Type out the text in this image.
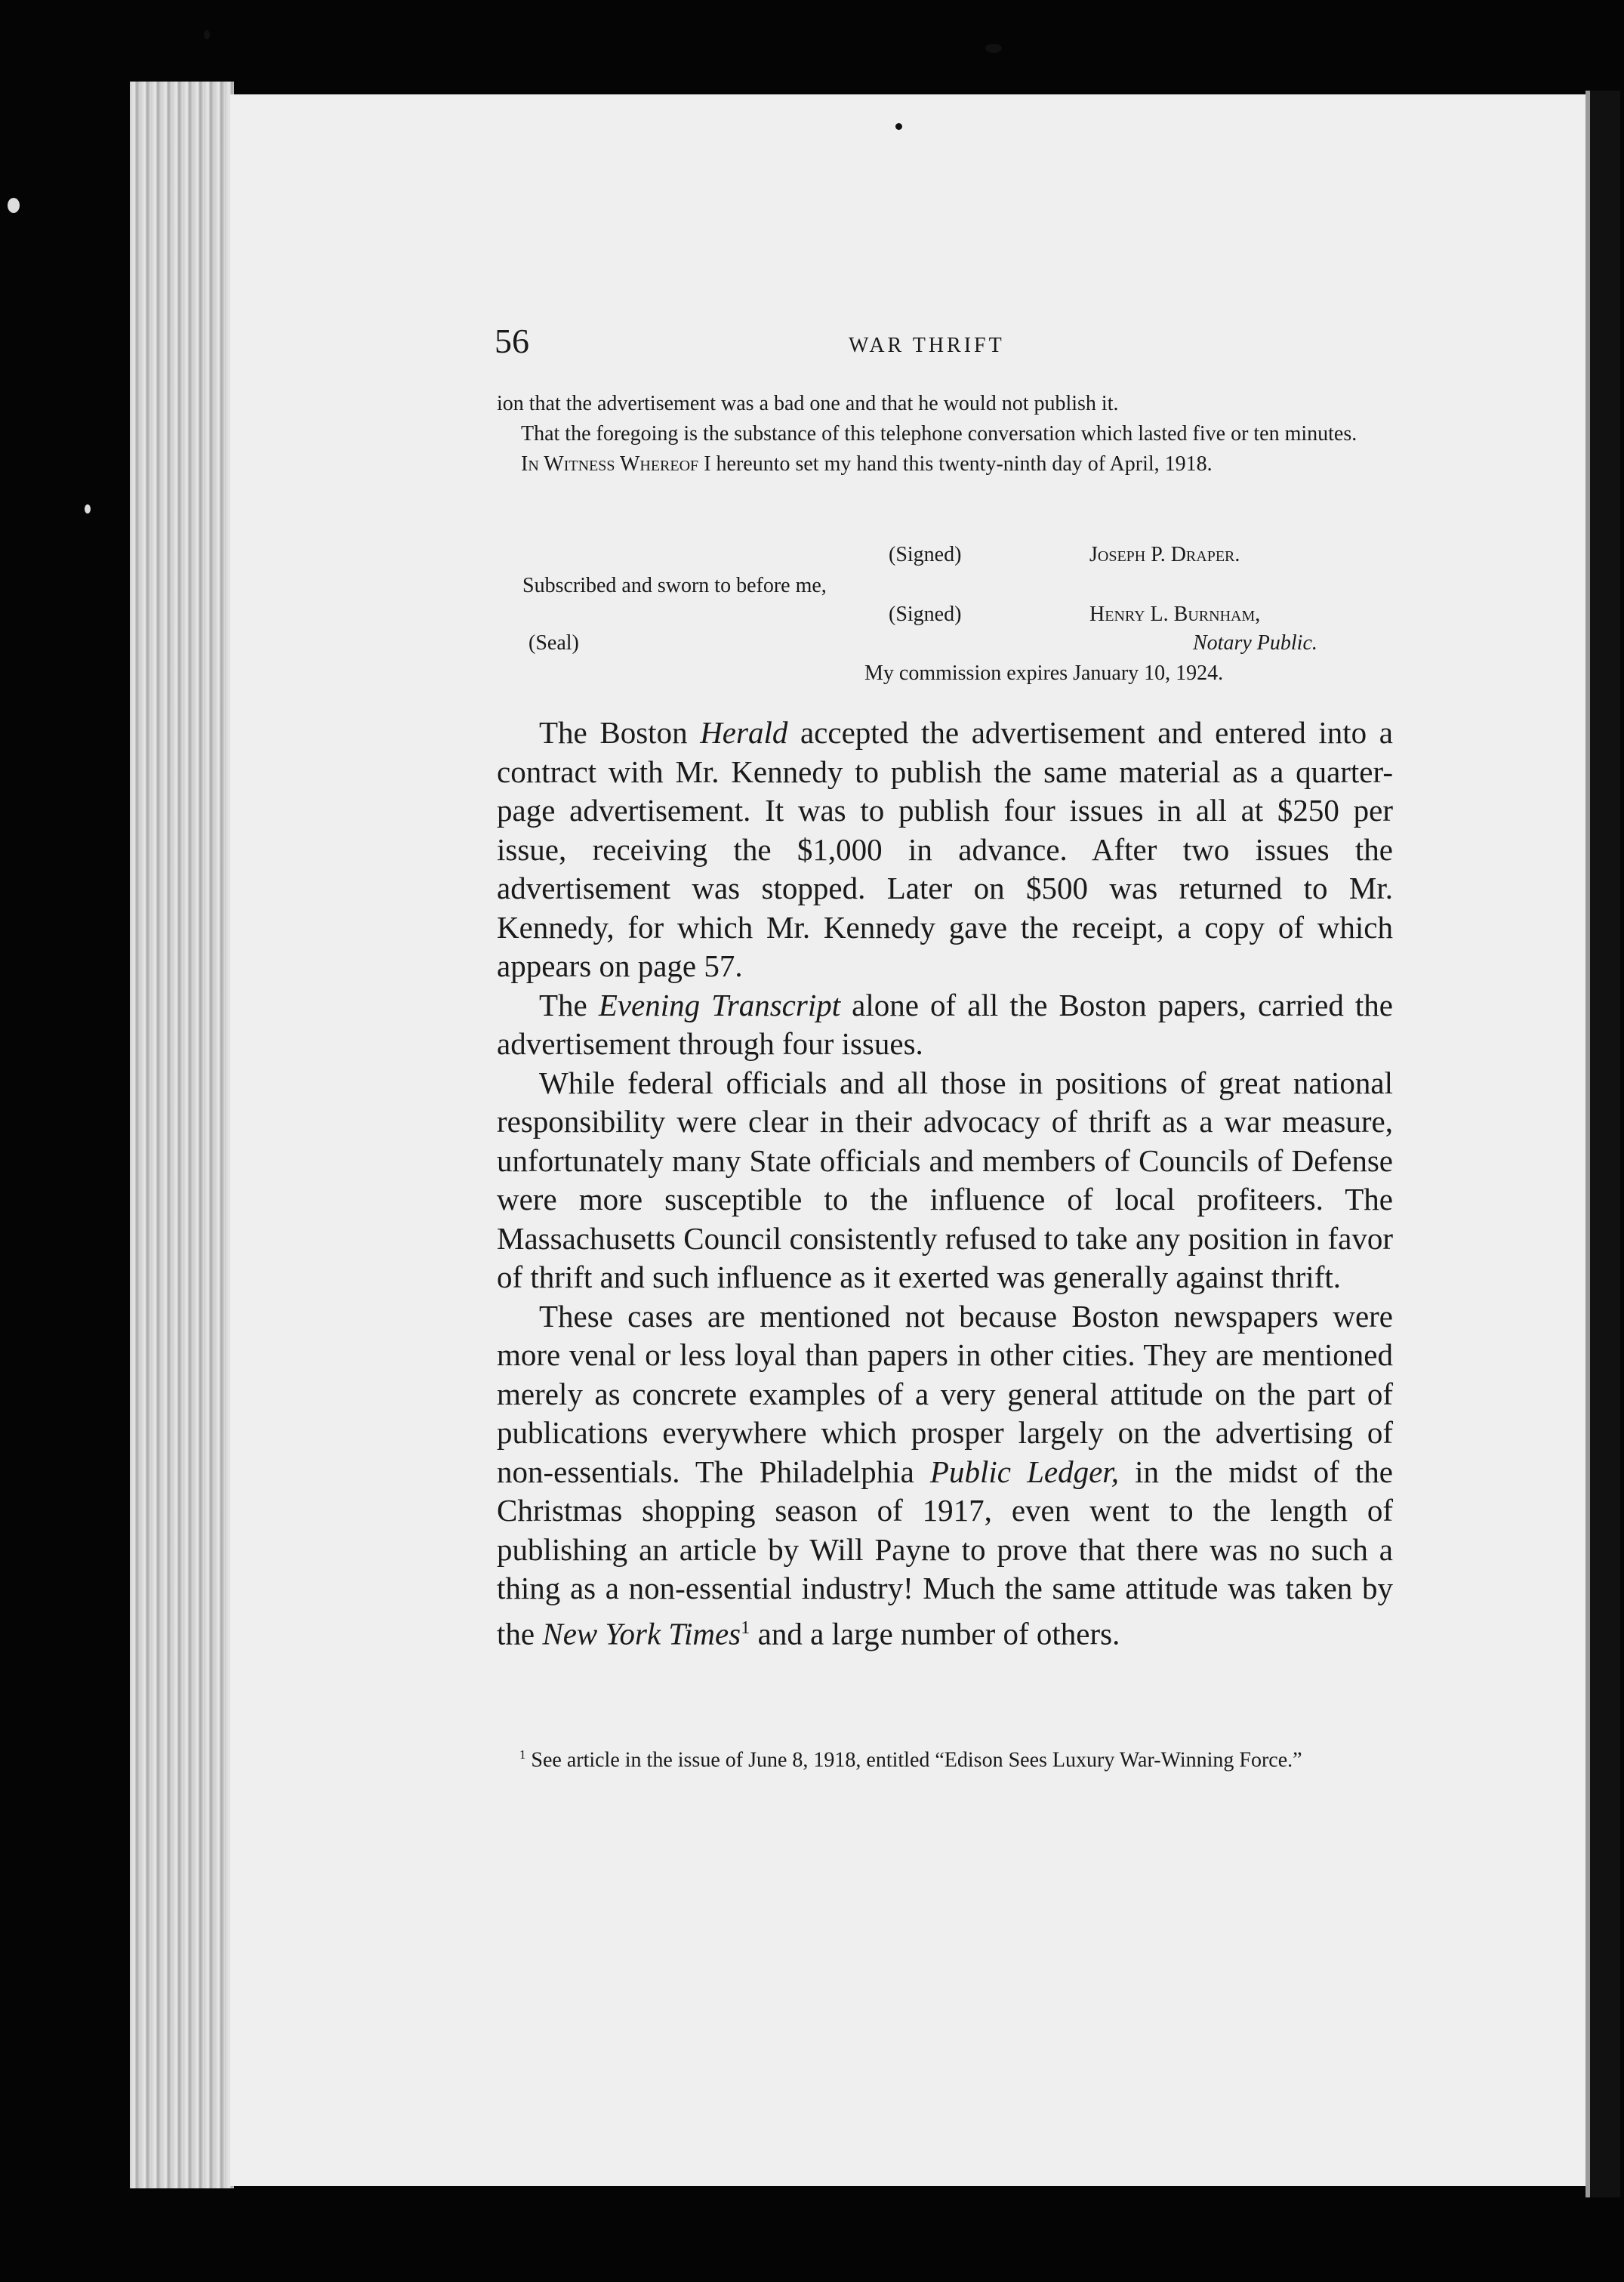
56	WAR THRIFT

ion that the advertisement was a bad one and that he would not publish it.

That the foregoing is the substance of this telephone conversation which lasted five or ten minutes.

In Witness Whereof I hereunto set my hand this twenty-ninth day of April, 1918.

(Signed)	Joseph P. Draper.
Subscribed and sworn to before me,
(Signed)	Henry L. Burnham,
(Seal)	Notary Public.
My commission expires January 10, 1924.

The Boston Herald accepted the advertisement and entered into a contract with Mr. Kennedy to publish the same material as a quarter-page advertisement. It was to publish four issues in all at $250 per issue, receiving the $1,000 in advance. After two issues the advertisement was stopped. Later on $500 was returned to Mr. Kennedy, for which Mr. Kennedy gave the receipt, a copy of which appears on page 57.

The Evening Transcript alone of all the Boston papers, carried the advertisement through four issues.

While federal officials and all those in positions of great national responsibility were clear in their advocacy of thrift as a war measure, unfortunately many State officials and members of Councils of Defense were more susceptible to the influence of local profiteers. The Massachusetts Council consistently refused to take any position in favor of thrift and such influence as it exerted was generally against thrift.

These cases are mentioned not because Boston newspapers were more venal or less loyal than papers in other cities. They are mentioned merely as concrete examples of a very general attitude on the part of publications everywhere which prosper largely on the advertising of non-essentials. The Philadelphia Public Ledger, in the midst of the Christmas shopping season of 1917, even went to the length of publishing an article by Will Payne to prove that there was no such a thing as a non-essential industry! Much the same attitude was taken by the New York Times$^1$ and a large number of others.

$^1$ See article in the issue of June 8, 1918, entitled “Edison Sees Luxury War-Winning Force.”
